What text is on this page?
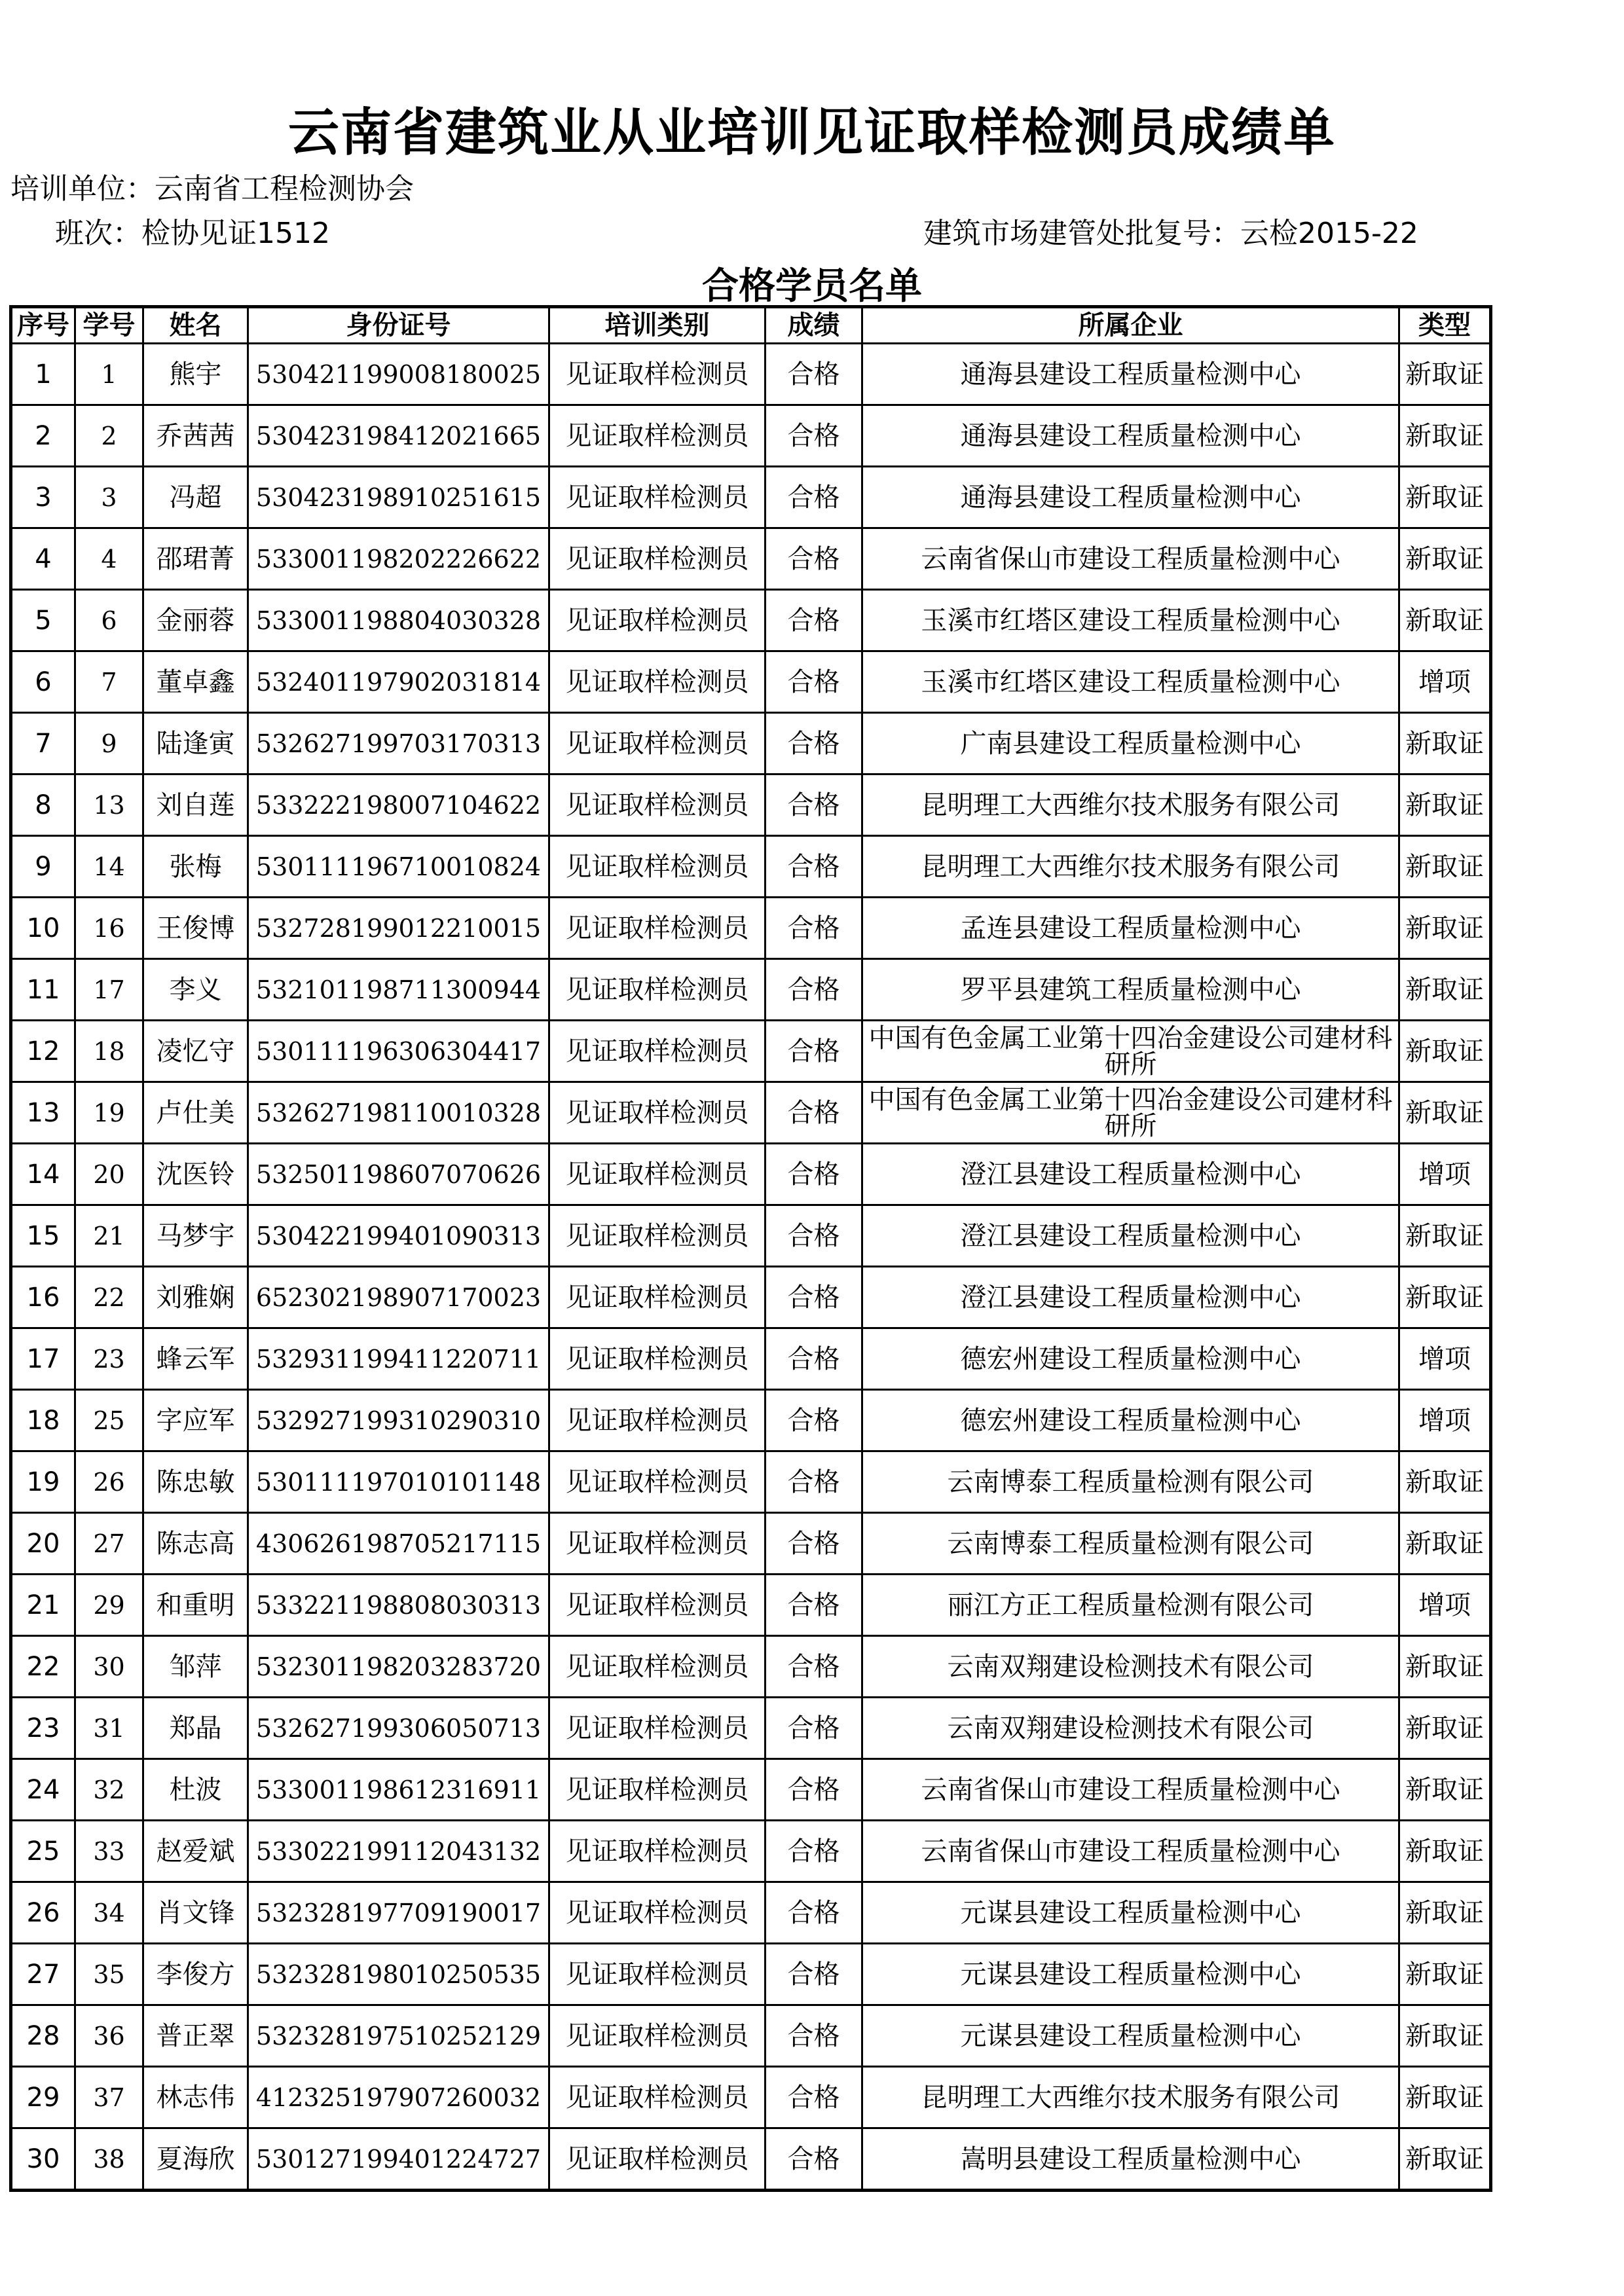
云南省建筑业从业培训见证取样检测员成绩单
培训单位：云南省工程检测协会
班次：检协见证1512	建筑市场建管处批复号：云检2015-22
合格学员名单
序号	学号	姓名	身份证号	培训类别	成绩	所属企业	类型
1	1	熊宇	530421199008180025	见证取样检测员	合格	通海县建设工程质量检测中心	新取证
2	2	乔茜茜	530423198412021665	见证取样检测员	合格	通海县建设工程质量检测中心	新取证
3	3	冯超	530423198910251615	见证取样检测员	合格	通海县建设工程质量检测中心	新取证
4	4	邵珺菁	533001198202226622	见证取样检测员	合格	云南省保山市建设工程质量检测中心	新取证
5	6	金丽蓉	533001198804030328	见证取样检测员	合格	玉溪市红塔区建设工程质量检测中心	新取证
6	7	董卓鑫	532401197902031814	见证取样检测员	合格	玉溪市红塔区建设工程质量检测中心	增项
7	9	陆逢寅	532627199703170313	见证取样检测员	合格	广南县建设工程质量检测中心	新取证
8	13	刘自莲	533222198007104622	见证取样检测员	合格	昆明理工大西维尔技术服务有限公司	新取证
9	14	张梅	530111196710010824	见证取样检测员	合格	昆明理工大西维尔技术服务有限公司	新取证
10	16	王俊博	532728199012210015	见证取样检测员	合格	孟连县建设工程质量检测中心	新取证
11	17	李义	532101198711300944	见证取样检测员	合格	罗平县建筑工程质量检测中心	新取证
12	18	凌忆守	530111196306304417	见证取样检测员	合格	中国有色金属工业第十四冶金建设公司建材科研所	新取证
13	19	卢仕美	532627198110010328	见证取样检测员	合格	中国有色金属工业第十四冶金建设公司建材科研所	新取证
14	20	沈医铃	532501198607070626	见证取样检测员	合格	澄江县建设工程质量检测中心	增项
15	21	马梦宇	530422199401090313	见证取样检测员	合格	澄江县建设工程质量检测中心	新取证
16	22	刘雅娴	652302198907170023	见证取样检测员	合格	澄江县建设工程质量检测中心	新取证
17	23	蜂云军	532931199411220711	见证取样检测员	合格	德宏州建设工程质量检测中心	增项
18	25	字应军	532927199310290310	见证取样检测员	合格	德宏州建设工程质量检测中心	增项
19	26	陈忠敏	530111197010101148	见证取样检测员	合格	云南博泰工程质量检测有限公司	新取证
20	27	陈志高	430626198705217115	见证取样检测员	合格	云南博泰工程质量检测有限公司	新取证
21	29	和重明	533221198808030313	见证取样检测员	合格	丽江方正工程质量检测有限公司	增项
22	30	邹萍	532301198203283720	见证取样检测员	合格	云南双翔建设检测技术有限公司	新取证
23	31	郑晶	532627199306050713	见证取样检测员	合格	云南双翔建设检测技术有限公司	新取证
24	32	杜波	533001198612316911	见证取样检测员	合格	云南省保山市建设工程质量检测中心	新取证
25	33	赵爱斌	533022199112043132	见证取样检测员	合格	云南省保山市建设工程质量检测中心	新取证
26	34	肖文锋	532328197709190017	见证取样检测员	合格	元谋县建设工程质量检测中心	新取证
27	35	李俊方	532328198010250535	见证取样检测员	合格	元谋县建设工程质量检测中心	新取证
28	36	普正翠	532328197510252129	见证取样检测员	合格	元谋县建设工程质量检测中心	新取证
29	37	林志伟	412325197907260032	见证取样检测员	合格	昆明理工大西维尔技术服务有限公司	新取证
30	38	夏海欣	530127199401224727	见证取样检测员	合格	嵩明县建设工程质量检测中心	新取证
